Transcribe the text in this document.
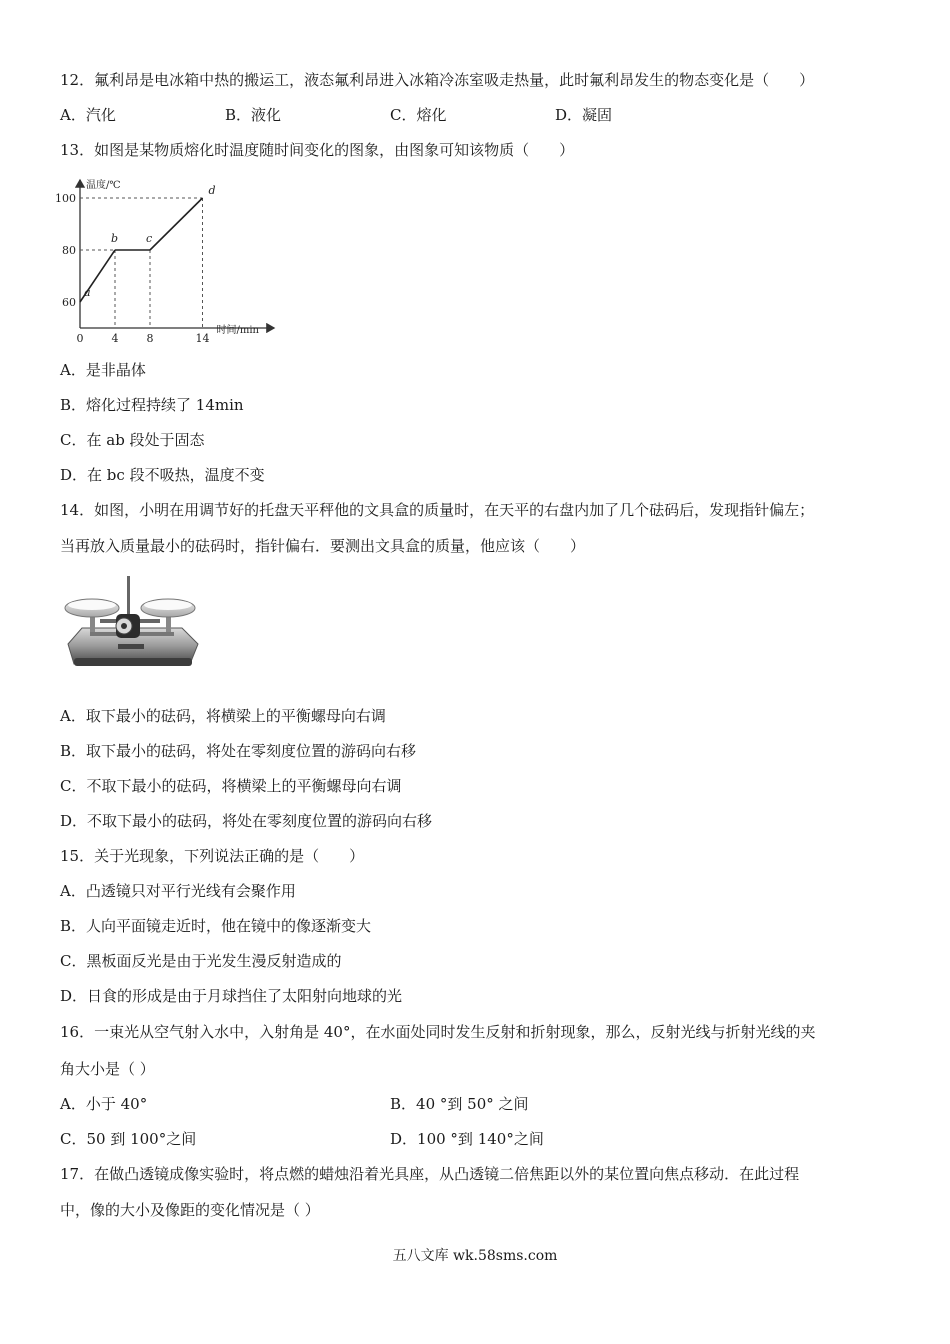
12．氟利昂是电冰箱中热的搬运工，液态氟利昂进入冰箱冷冻室吸走热量，此时氟利昂发生的物态变化是（　　）
A．汽化	B．液化	C．熔化	D．凝固
13．如图是某物质熔化时温度随时间变化的图象，由图象可知该物质（　　）
温度/℃
时间/min
60
80
100
0	4	8	14
a
b	c
d
A．是非晶体
B．熔化过程持续了 14min
C．在 ab 段处于固态
D．在 bc 段不吸热，温度不变
14．如图，小明在用调节好的托盘天平秤他的文具盒的质量时，在天平的右盘内加了几个砝码后，发现指针偏左；
当再放入质量最小的砝码时，指针偏右．要测出文具盒的质量，他应该（　　）
A．取下最小的砝码，将横梁上的平衡螺母向右调
B．取下最小的砝码，将处在零刻度位置的游码向右移
C．不取下最小的砝码，将横梁上的平衡螺母向右调
D．不取下最小的砝码，将处在零刻度位置的游码向右移
15．关于光现象，下列说法正确的是（　　）
A．凸透镜只对平行光线有会聚作用
B．人向平面镜走近时，他在镜中的像逐渐变大
C．黑板面反光是由于光发生漫反射造成的
D．日食的形成是由于月球挡住了太阳射向地球的光
16．一束光从空气射入水中，入射角是 40°，在水面处同时发生反射和折射现象，那么，反射光线与折射光线的夹
角大小是（ ）
A．小于 40°	B．40 °到 50° 之间
C．50 到 100°之间	D．100 °到 140°之间
17．在做凸透镜成像实验时，将点燃的蜡烛沿着光具座，从凸透镜二倍焦距以外的某位置向焦点移动．在此过程
中，像的大小及像距的变化情况是（ ）
五八文库 wk.58sms.com
